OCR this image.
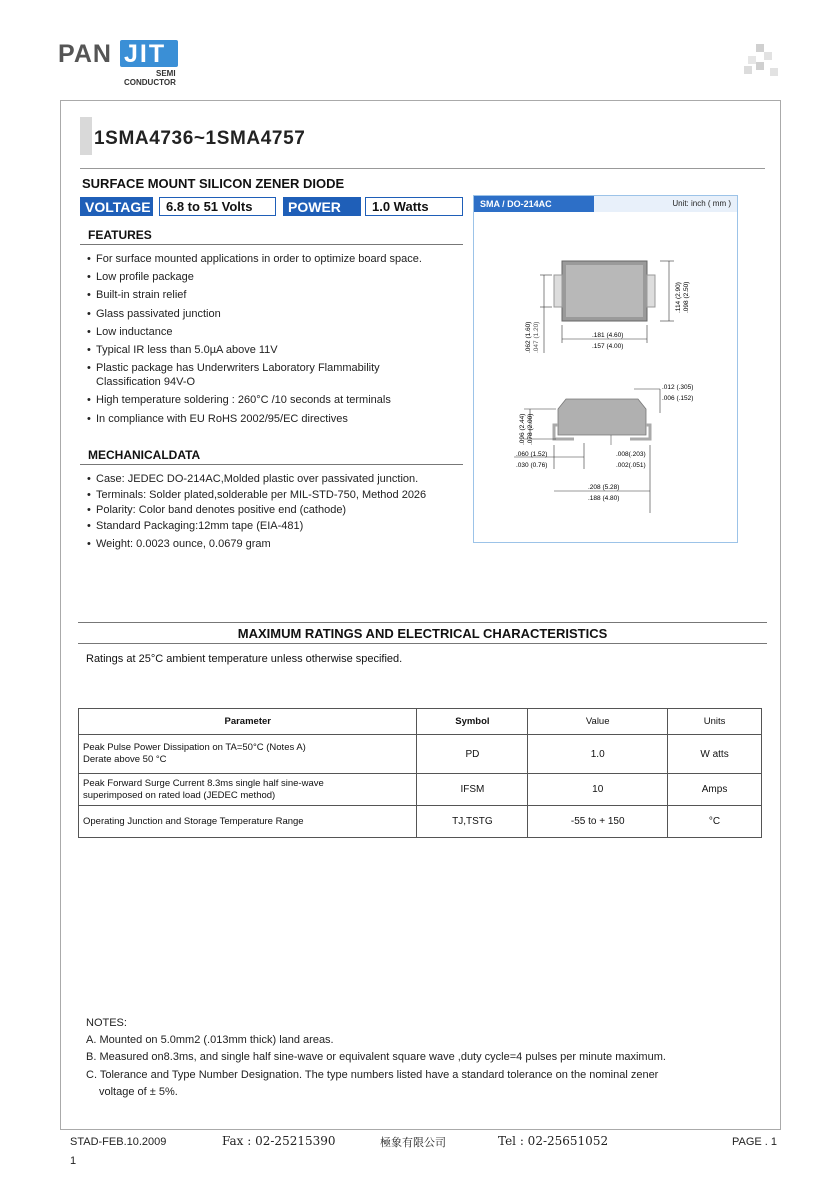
PAN JIT
SEMI
CONDUCTOR
1SMA4736~1SMA4757
SURFACE MOUNT SILICON ZENER DIODE
VOLTAGE	6.8 to 51 Volts	POWER	1.0 Watts
FEATURES
• For surface mounted applications in order to optimize board space.
• Low profile package
• Built-in strain relief
• Glass passivated junction
• Low inductance
• Typical IR less than 5.0µA above 11V
• Plastic package has Underwriters Laboratory Flammability Classification 94V-O
• High temperature soldering : 260°C /10 seconds at terminals
• In compliance with EU RoHS 2002/95/EC directives
MECHANICALDATA
• Case: JEDEC DO-214AC,Molded plastic over passivated junction.
• Terminals: Solder plated,solderable per MIL-STD-750, Method 2026
• Polarity: Color band denotes positive end (cathode)
• Standard Packaging:12mm tape (EIA-481)
• Weight: 0.0023 ounce, 0.0679 gram
SMA / DO-214AC	Unit: inch ( mm )
.181 (4.60)
.157 (4.00)
.114 (2.90) .098 (2.50)
.062 (1.60) .047 (1.20)
.012 (.305)
.006 (.152)
.096 (2.44) .078 (2.00)
.060 (1.52)
.030 (0.76)
.008(.203)
.002(.051)
.208 (5.28)
.188 (4.80)
MAXIMUM RATINGS AND ELECTRICAL CHARACTERISTICS
Ratings at 25°C ambient temperature unless otherwise specified.
Parameter	Symbol	Value	Units

Peak Pulse Power Dissipation on TA=50°C (Notes A)
Derate above 50 °C	PD	1.0	W atts

Peak Forward Surge Current 8.3ms single half sine-wave
superimposed on rated load (JEDEC method)	IFSM	10	Amps
Operating Junction and Storage Temperature Range	TJ,TSTG	-55 to + 150	°C
NOTES:
A. Mounted on 5.0mm2 (.013mm thick) land areas.
B. Measured on8.3ms, and single half sine-wave or equivalent square wave ,duty cycle=4 pulses per minute maximum.
C. Tolerance and Type Number Designation. The type numbers listed have a standard tolerance on the nominal zener
voltage of ± 5%.
STAD-FEB.10.2009	Fax : 02-25215390	極象有限公司	Tel : 02-25651052	PAGE . 1
1
